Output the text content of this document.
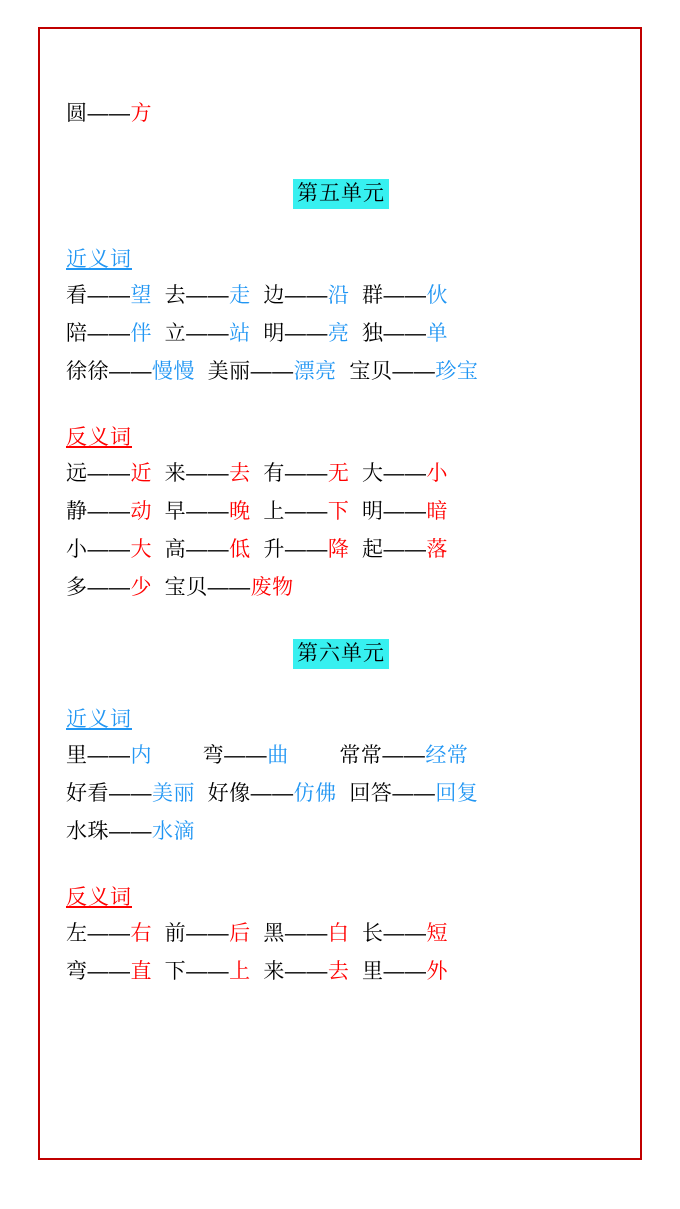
圆——方
第五单元
近义词
看——望  去——走  边——沿  群——伙
陪——伴  立——站  明——亮  独——单
徐徐——慢慢  美丽——漂亮  宝贝——珍宝
反义词
远——近  来——去  有——无  大——小
静——动  早——晚  上——下  明——暗
小——大  高——低  升——降  起——落
多——少  宝贝——废物
第六单元
近义词
里——内        弯——曲        常常——经常
好看——美丽  好像——仿佛  回答——回复
水珠——水滴
反义词
左——右  前——后  黑——白  长——短
弯——直  下——上  来——去  里——外
